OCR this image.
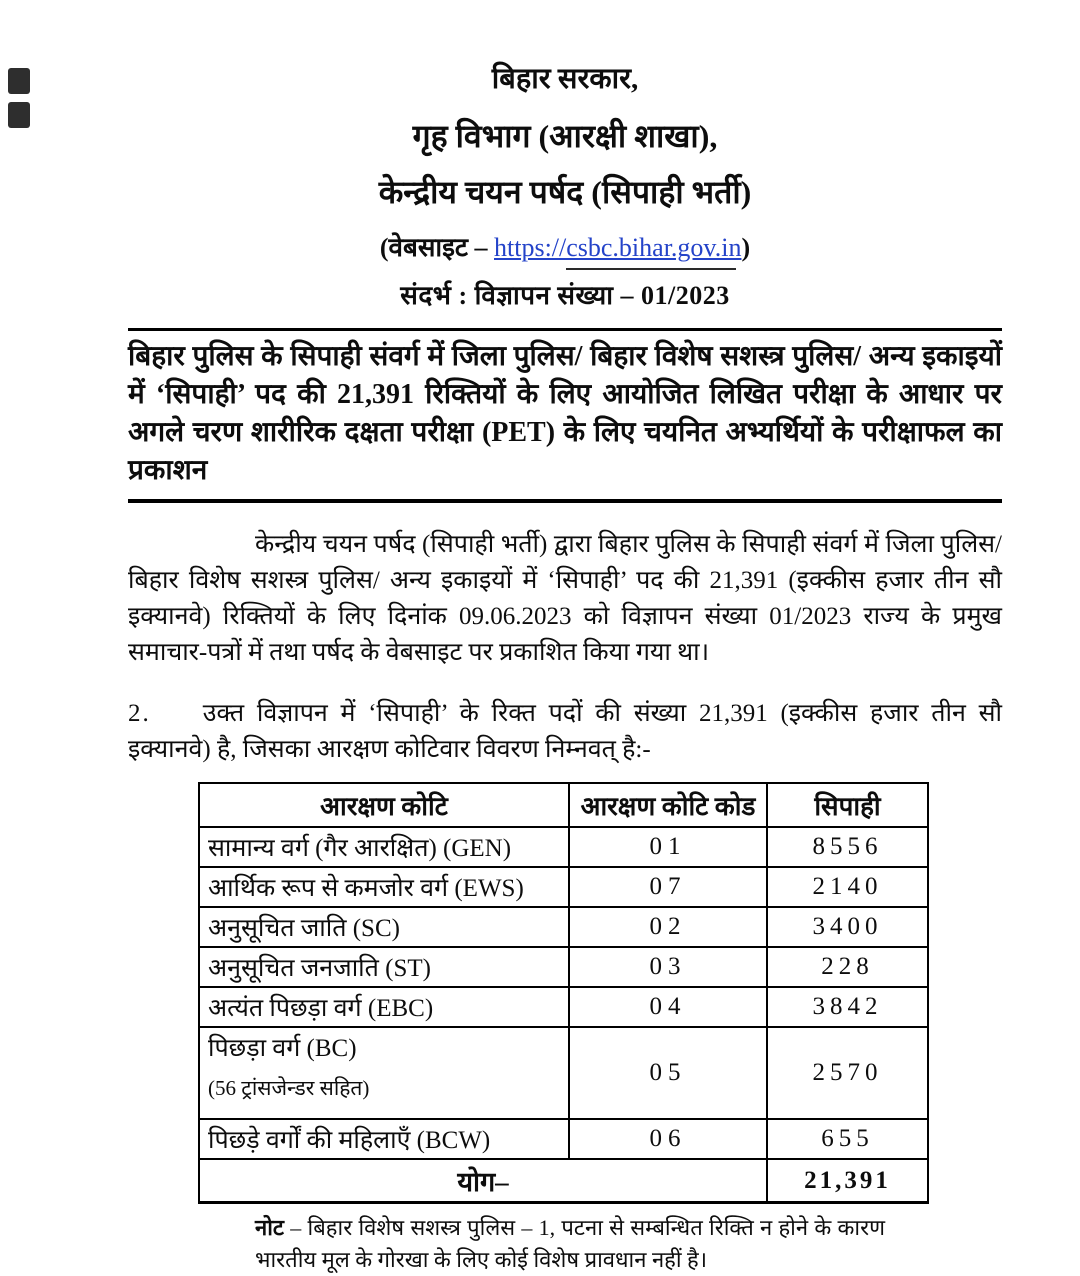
बिहार सरकार,
गृह विभाग (आरक्षी शाखा),
केन्द्रीय चयन पर्षद (सिपाही भर्ती)
(वेबसाइट – https://csbc.bihar.gov.in)
संदर्भ : विज्ञापन संख्या – 01/2023
बिहार पुलिस के सिपाही संवर्ग में जिला पुलिस/ बिहार विशेष सशस्त्र पुलिस/ अन्य इकाइयों में ‘सिपाही’ पद की 21,391 रिक्तियों के लिए आयोजित लिखित परीक्षा के आधार पर अगले चरण शारीरिक दक्षता परीक्षा (PET) के लिए चयनित अभ्यर्थियों के परीक्षाफल का प्रकाशन

केन्द्रीय चयन पर्षद (सिपाही भर्ती) द्वारा बिहार पुलिस के सिपाही संवर्ग में जिला पुलिस/ बिहार विशेष सशस्त्र पुलिस/ अन्य इकाइयों में ‘सिपाही’ पद की 21,391 (इक्कीस हजार तीन सौ इक्यानवे) रिक्तियों के लिए दिनांक 09.06.2023 को विज्ञापन संख्या 01/2023 राज्य के प्रमुख समाचार-पत्रों में तथा पर्षद के वेबसाइट पर प्रकाशित किया गया था।

2. उक्त विज्ञापन में ‘सिपाही’ के रिक्त पदों की संख्या 21,391 (इक्कीस हजार तीन सौ इक्यानवे) है, जिसका आरक्षण कोटिवार विवरण निम्नवत् है:-

आरक्षण कोटि	आरक्षण कोटि कोड	सिपाही

सामान्य वर्ग (गैर आरक्षित) (GEN)	01	8556

आर्थिक रूप से कमजोर वर्ग (EWS)	07	2140

अनुसूचित जाति (SC)	02	3400

अनुसूचित जनजाति (ST)	03	228

अत्यंत पिछड़ा वर्ग (EBC)	04	3842

पिछड़ा वर्ग (BC)
(56 ट्रांसजेन्डर सहित)	05	2570

पिछड़े वर्गों की महिलाएँ (BCW)	06	655
योग–		21,391

नोट – बिहार विशेष सशस्त्र पुलिस – 1, पटना से सम्बन्धित रिक्ति न होने के कारण भारतीय मूल के गोरखा के लिए कोई विशेष प्रावधान नहीं है।
